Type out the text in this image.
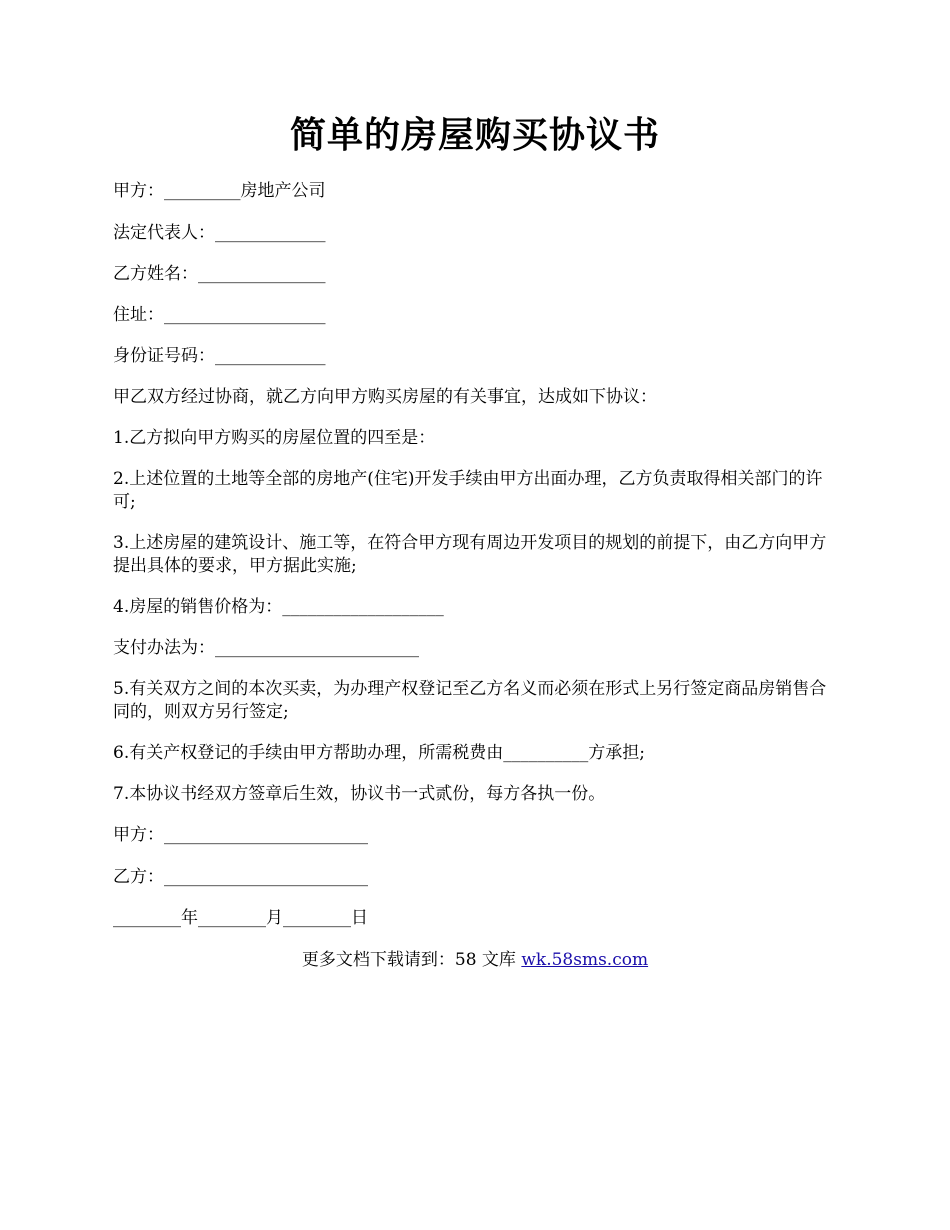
简单的房屋购买协议书
甲方：_________房地产公司
法定代表人：_____________
乙方姓名：_______________
住址：___________________
身份证号码：_____________
甲乙双方经过协商，就乙方向甲方购买房屋的有关事宜，达成如下协议：
1.乙方拟向甲方购买的房屋位置的四至是：
2.上述位置的土地等全部的房地产(住宅)开发手续由甲方出面办理，乙方负责取得相关部门的许可;
3.上述房屋的建筑设计、施工等，在符合甲方现有周边开发项目的规划的前提下，由乙方向甲方提出具体的要求，甲方据此实施;
4.房屋的销售价格为：___________________
支付办法为：________________________
5.有关双方之间的本次买卖，为办理产权登记至乙方名义而必须在形式上另行签定商品房销售合同的，则双方另行签定;
6.有关产权登记的手续由甲方帮助办理，所需税费由__________方承担;
7.本协议书经双方签章后生效，协议书一式贰份，每方各执一份。
甲方：________________________
乙方：________________________
________年________月________日
更多文档下载请到：58 文库 wk.58sms.com
